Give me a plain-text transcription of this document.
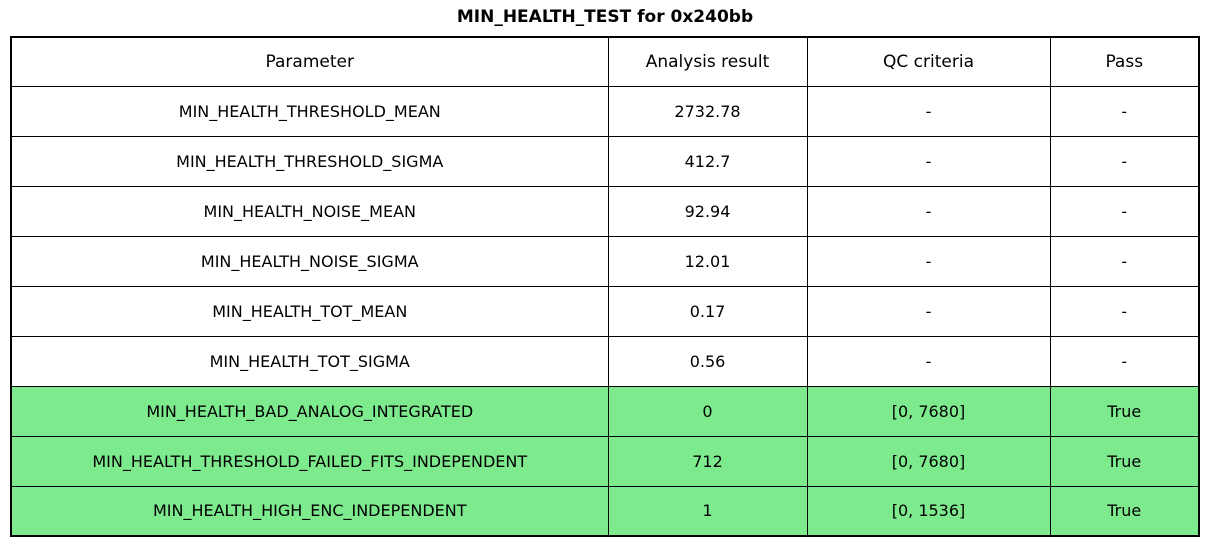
MIN_HEALTH_TEST for 0x240bb
Parameter	Analysis result	QC criteria	Pass
MIN_HEALTH_THRESHOLD_MEAN	2732.78	-	-
MIN_HEALTH_THRESHOLD_SIGMA	412.7	-	-
MIN_HEALTH_NOISE_MEAN	92.94	-	-
MIN_HEALTH_NOISE_SIGMA	12.01	-	-
MIN_HEALTH_TOT_MEAN	0.17	-	-
MIN_HEALTH_TOT_SIGMA	0.56	-	-
MIN_HEALTH_BAD_ANALOG_INTEGRATED	0	[0, 7680]	True
MIN_HEALTH_THRESHOLD_FAILED_FITS_INDEPENDENT	712	[0, 7680]	True
MIN_HEALTH_HIGH_ENC_INDEPENDENT	1	[0, 1536]	True
